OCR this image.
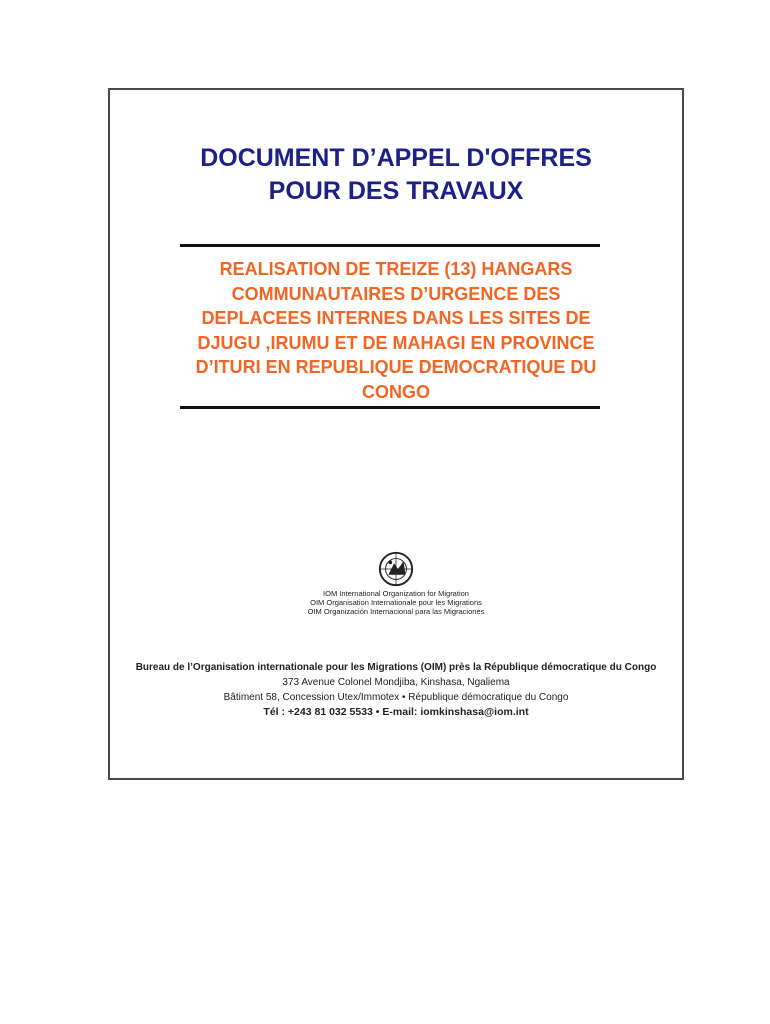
DOCUMENT D’APPEL D'OFFRES
POUR DES TRAVAUX
REALISATION DE TREIZE (13) HANGARS
COMMUNAUTAIRES D’URGENCE DES
DEPLACEES INTERNES DANS LES SITES DE
DJUGU ,IRUMU ET DE MAHAGI EN PROVINCE
D’ITURI EN REPUBLIQUE DEMOCRATIQUE DU
CONGO
IOM International Organization for Migration
OIM Organisation Internationale pour les Migrations
OIM Organización Internacional para las Migraciones
Bureau de l’Organisation internationale pour les Migrations (OIM) près la République démocratique du Congo
373 Avenue Colonel Mondjiba, Kinshasa, Ngaliema
Bâtiment 58, Concession Utex/Immotex • République démocratique du Congo
Tél : +243 81 032 5533 • E-mail: iomkinshasa@iom.int
